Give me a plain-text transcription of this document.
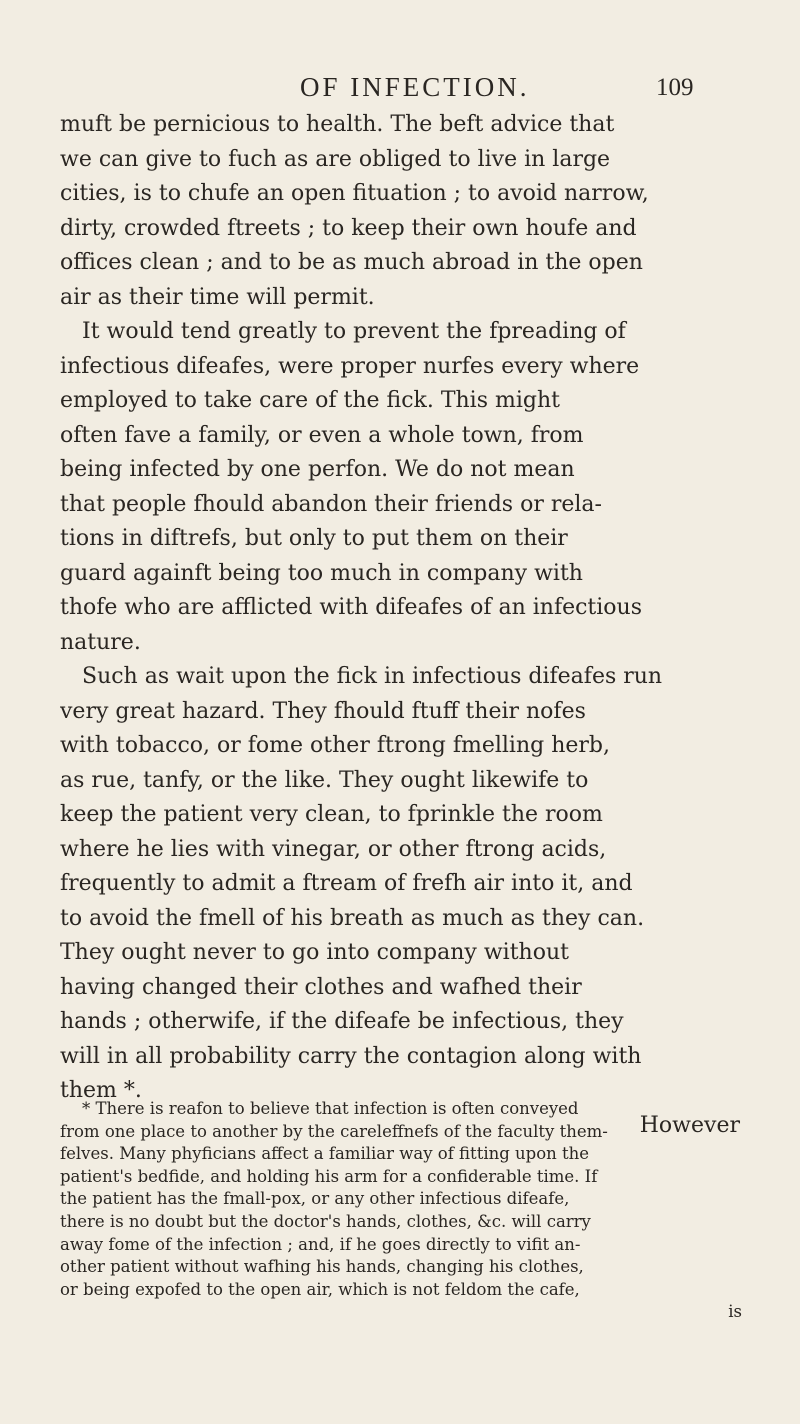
OF INFECTION.	109
muft be pernicious to health. The beft advice that
we can give to fuch as are obliged to live in large
cities, is to chufe an open fituation ; to avoid narrow,
dirty, crowded ftreets ; to keep their own houfe and
offices clean ; and to be as much abroad in the open
air as their time will permit.
It would tend greatly to prevent the fpreading of
infectious difeafes, were proper nurfes every where
employed to take care of the fick. This might
often fave a family, or even a whole town, from
being infected by one perfon. We do not mean
that people fhould abandon their friends or rela-
tions in diftrefs, but only to put them on their
guard againft being too much in company with
thofe who are afflicted with difeafes of an infectious
nature.
Such as wait upon the fick in infectious difeafes run
very great hazard. They fhould ftuff their nofes
with tobacco, or fome other ftrong fmelling herb,
as rue, tanfy, or the like. They ought likewife to
keep the patient very clean, to fprinkle the room
where he lies with vinegar, or other ftrong acids,
frequently to admit a ftream of frefh air into it, and
to avoid the fmell of his breath as much as they can.
They ought never to go into company without
having changed their clothes and wafhed their
hands ; otherwife, if the difeafe be infectious, they
will in all probability carry the contagion along with
them *.
However
* There is reafon to believe that infection is often conveyed
from one place to another by the careleffnefs of the faculty them-
felves. Many phyficians affect a familiar way of fitting upon the
patient's bedfide, and holding his arm for a confiderable time. If
the patient has the fmall-pox, or any other infectious difeafe,
there is no doubt but the doctor's hands, clothes, &c. will carry
away fome of the infection ; and, if he goes directly to vifit an-
other patient without wafhing his hands, changing his clothes,
or being expofed to the open air, which is not feldom the cafe,
is
